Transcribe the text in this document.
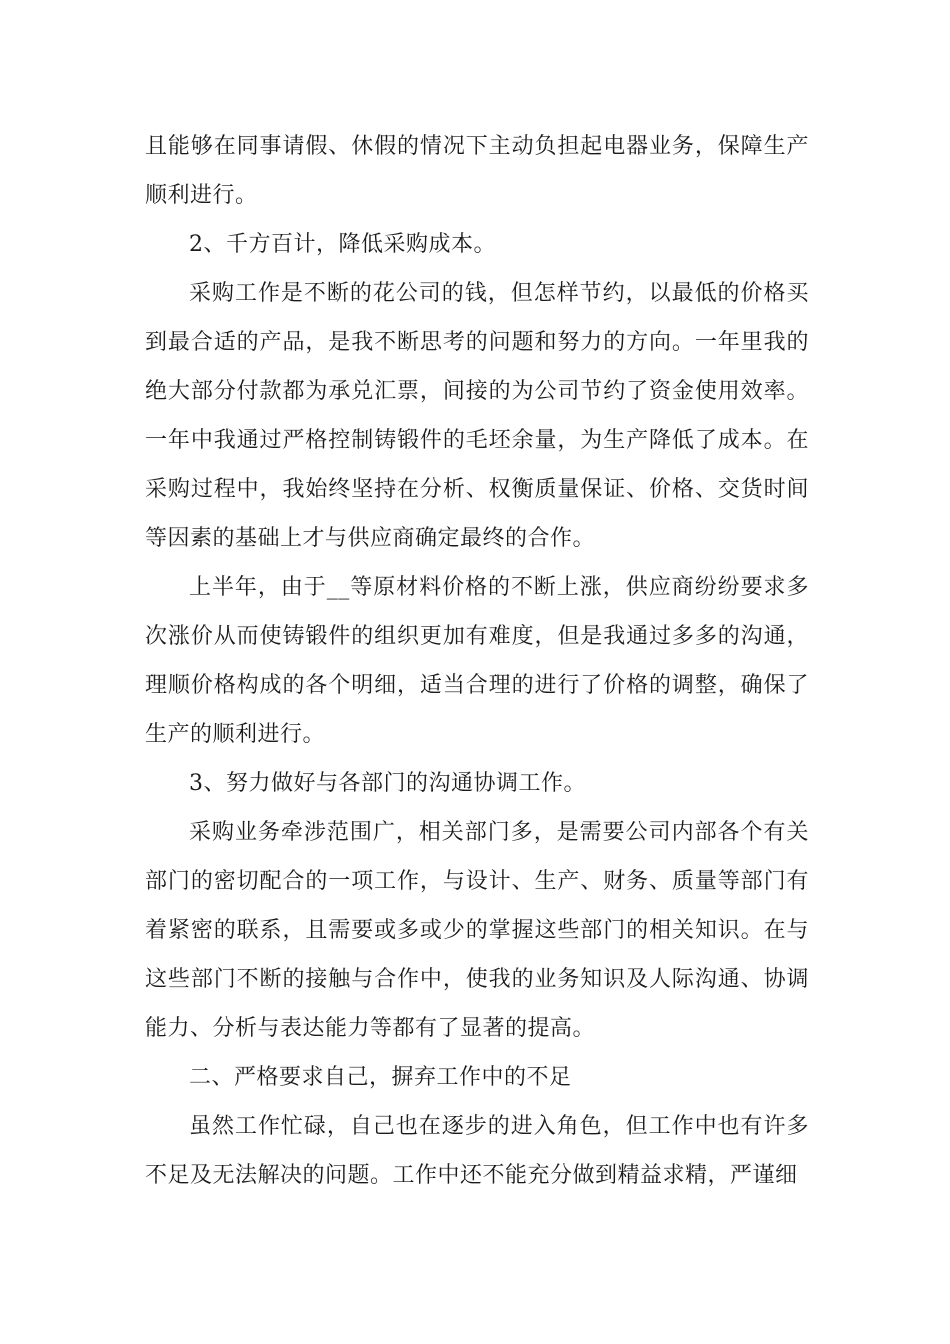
且能够在同事请假、休假的情况下主动负担起电器业务，保障生产顺利进行。

2、千方百计，降低采购成本。

采购工作是不断的花公司的钱，但怎样节约，以最低的价格买到最合适的产品，是我不断思考的问题和努力的方向。一年里我的绝大部分付款都为承兑汇票，间接的为公司节约了资金使用效率。一年中我通过严格控制铸锻件的毛坯余量，为生产降低了成本。在采购过程中，我始终坚持在分析、权衡质量保证、价格、交货时间等因素的基础上才与供应商确定最终的合作。

上半年，由于__等原材料价格的不断上涨，供应商纷纷要求多次涨价从而使铸锻件的组织更加有难度，但是我通过多多的沟通，理顺价格构成的各个明细，适当合理的进行了价格的调整，确保了生产的顺利进行。

3、努力做好与各部门的沟通协调工作。

采购业务牵涉范围广，相关部门多，是需要公司内部各个有关部门的密切配合的一项工作，与设计、生产、财务、质量等部门有着紧密的联系，且需要或多或少的掌握这些部门的相关知识。在与这些部门不断的接触与合作中，使我的业务知识及人际沟通、协调能力、分析与表达能力等都有了显著的提高。

二、严格要求自己，摒弃工作中的不足

虽然工作忙碌，自己也在逐步的进入角色，但工作中也有许多不足及无法解决的问题。工作中还不能充分做到精益求精，严谨细
